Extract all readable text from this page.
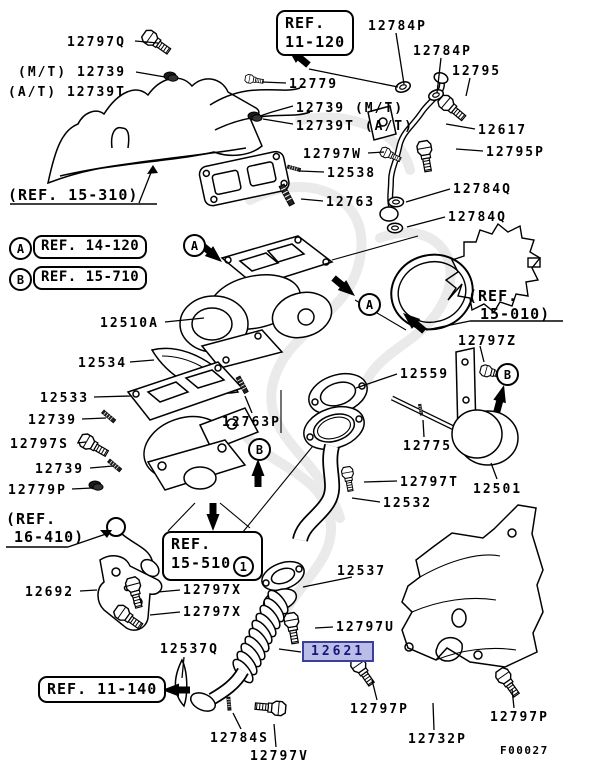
12797Q
12784P
12784P
12795
(M/T) 12739
(A/T) 12739T
12779
12739 (M/T)
12739T (A/T)	12617
12797W	12795P
12538
12784Q
12763
12784Q
12510A
12797Z
12534
12559
12533
12739	12763P
12797S
12739
12775
12779P
12797T 12501
12532
12537
12692	12797X
12797X
12797U
12537Q
12784S
12797V
12797P
12732P
12797P
12621
REF.
11-120
(REF. 15-310)
A	REF. 14-120
B	REF. 15-710
A
A
B
B
(REF.
15-010)
(REF.
16-410)	REF.
15-510 1
REF. 11-140
F00027
